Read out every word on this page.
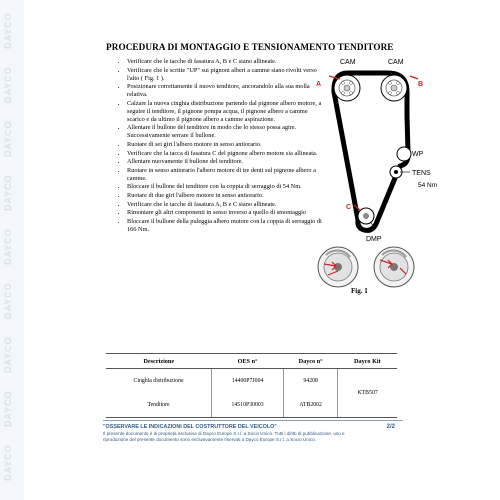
DAYCO
DAYCO
DAYCO
DAYCO
DAYCO
DAYCO
DAYCO
DAYCO
DAYCO
PROCEDURA DI MONTAGGIO E TENSIONAMENTO TENDITORE
• Verificare che le tacche di fasatura A, B e C siano allineate.
• Verificare che le scritte "UP" sui pignoni alberi a camme siano rivolti verso l'alto ( Fig. 1 ).
• Posizionare correttamente il nuovo tenditore, ancorandolo alla sua molla relativa.
• Calzare la nuova cinghia distribuzione partendo dal pignone albero motore, a seguire il tenditore, il pignone pompa acqua, il pignone albero a camme scarico e da ultimo il pignone albero a camme aspirazione.
• Allentare il bullone del tenditore in modo che lo stesso possa agire. Successivamente serrare il bullone.
• Ruotare di sei giri l'albero motore in senso antiorario.
• Verificare che la tacca di fasatura C del pignone albero motore sia allineata.
• Allentare nuovamente il bullone del tenditore.
• Ruotare in senso antiorario l'albero motore di tre denti sul pignone albero a camme.
• Bloccare il bullone del tenditore con la coppia di serraggio di 54 Nm.
• Ruotare di due giri l'albero motore in senso antiorario.
• Verificare che le tacche di fasatura A, B e C siano allineate.
• Rimontare gli altri componenti in senso inverso a quello di smontaggio
• Bloccare il bullone della puleggia albero motore con la coppia di serraggio di 166 Nm.
CAM	CAM
A	B
C
WP
TENS
54 Nm
DMP
Fig. 1
Descrizione	OES n°	Dayco n°	Dayco Kit
Cinghia distribuzione	14400P7J004	94208	KTB507
Tenditore	14510P30003	ATB2002	
"OSSERVARE LE INDICAZIONI DEL COSTRUTTORE DEL VEICOLO"
Il presente documento è di proprietà esclusiva di Dayco Europe S.r.l. a Socio Unico. Tutti i diritti di pubblicazione, uso e riproduzione del presente documento sono esclusivamente riservati a Dayco Europe S.r.l. a Socio Unico.
2/2
